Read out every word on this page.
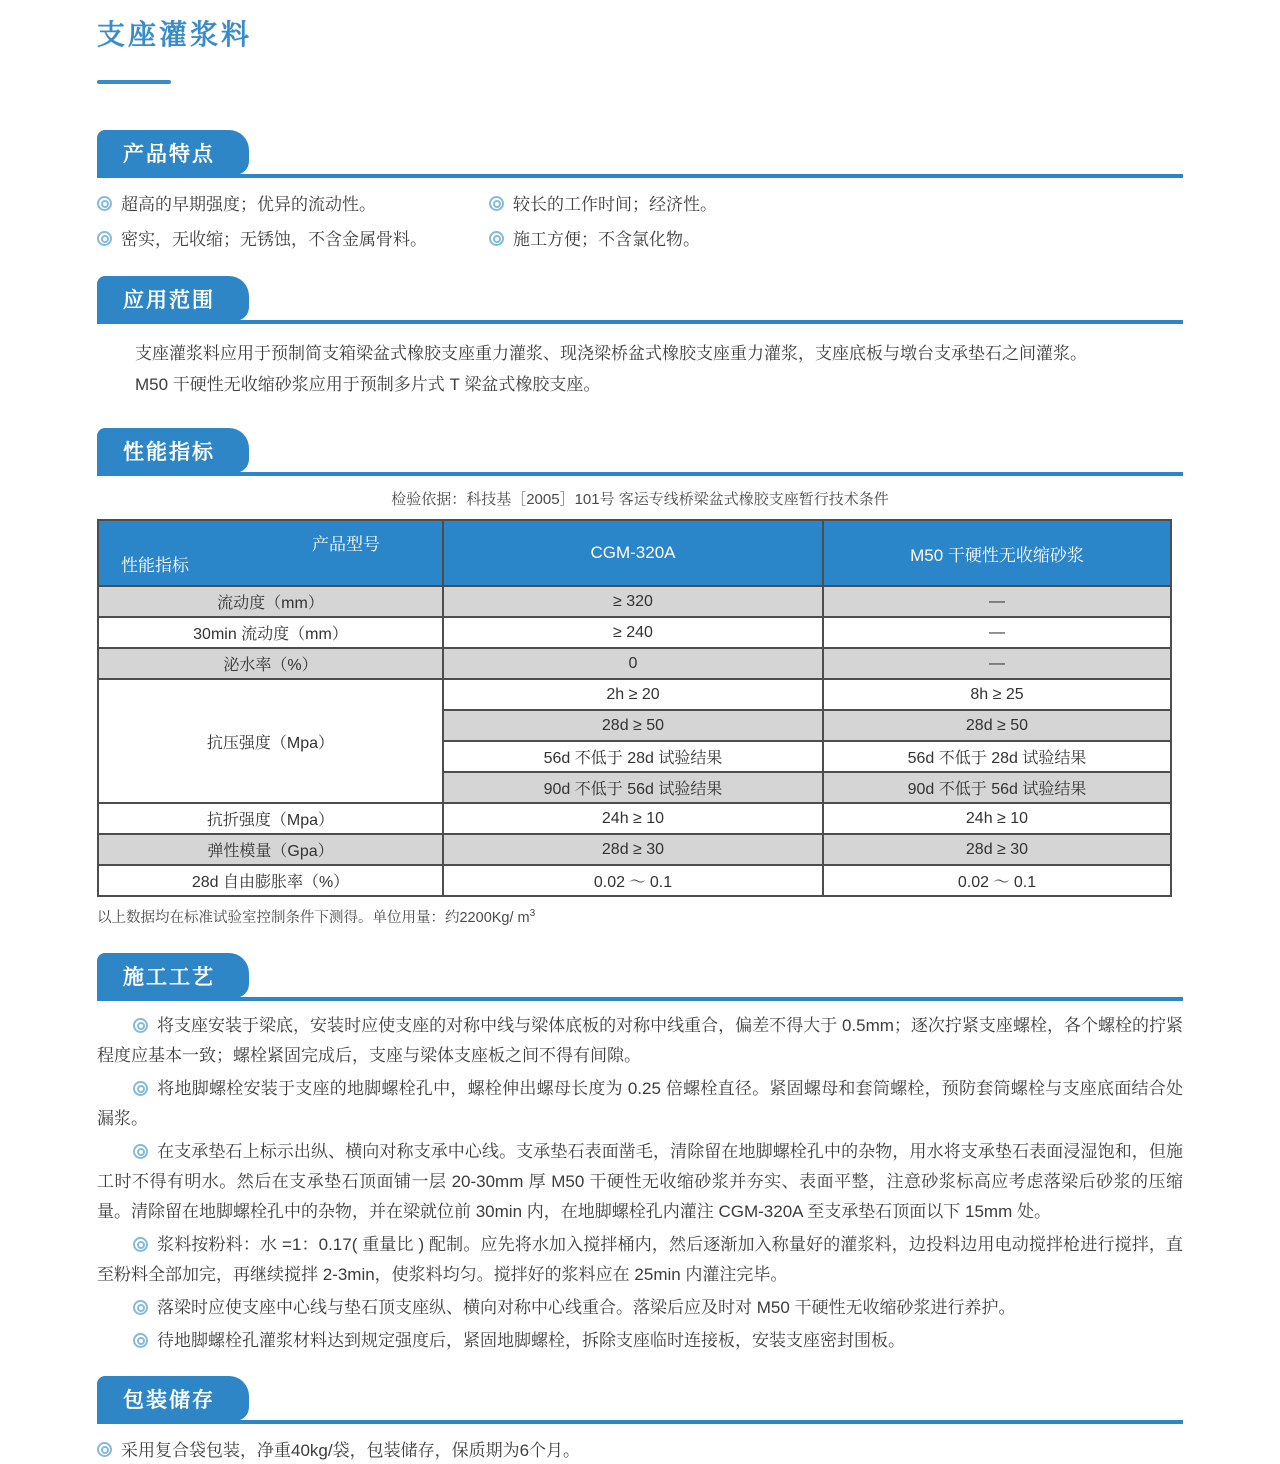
支座灌浆料
产品特点
超高的早期强度；优异的流动性。	较长的工作时间；经济性。
密实，无收缩；无锈蚀，不含金属骨料。	施工方便；不含氯化物。
应用范围
支座灌浆料应用于预制简支箱梁盆式橡胶支座重力灌浆、现浇梁桥盆式橡胶支座重力灌浆，支座底板与墩台支承垫石之间灌浆。
M50 干硬性无收缩砂浆应用于预制多片式 T 梁盆式橡胶支座。
性能指标
检验依据：科技基［2005］101号 客运专线桥梁盆式橡胶支座暂行技术条件
产品型号
性能指标	CGM-320A	M50 干硬性无收缩砂浆
流动度（mm）	≥ 320	—
30min 流动度（mm）	≥ 240	—
泌水率（%）	0	—
抗压强度（Mpa）	2h ≥ 20	8h ≥ 25
	28d ≥ 50	28d ≥ 50
	56d 不低于 28d 试验结果	56d 不低于 28d 试验结果
	90d 不低于 56d 试验结果	90d 不低于 56d 试验结果
抗折强度（Mpa）	24h ≥ 10	24h ≥ 10
弹性模量（Gpa）	28d ≥ 30	28d ≥ 30
28d 自由膨胀率（%）	0.02 ～ 0.1	0.02 ～ 0.1
以上数据均在标准试验室控制条件下测得。单位用量：约2200Kg/ $m^3$
施工工艺

将支座安装于梁底，安装时应使支座的对称中线与梁体底板的对称中线重合，偏差不得大于 0.5mm；逐次拧紧支座螺栓，各个螺栓的拧紧程度应基本一致；螺栓紧固完成后，支座与梁体支座板之间不得有间隙。

将地脚螺栓安装于支座的地脚螺栓孔中，螺栓伸出螺母长度为 0.25 倍螺栓直径。紧固螺母和套筒螺栓，预防套筒螺栓与支座底面结合处漏浆。

在支承垫石上标示出纵、横向对称支承中心线。支承垫石表面凿毛，清除留在地脚螺栓孔中的杂物，用水将支承垫石表面浸湿饱和，但施工时不得有明水。然后在支承垫石顶面铺一层 20-30mm 厚 M50 干硬性无收缩砂浆并夯实、表面平整，注意砂浆标高应考虑落梁后砂浆的压缩量。清除留在地脚螺栓孔中的杂物，并在梁就位前 30min 内，在地脚螺栓孔内灌注 CGM-320A 至支承垫石顶面以下 15mm 处。

浆料按粉料：水 =1：0.17( 重量比 ) 配制。应先将水加入搅拌桶内，然后逐渐加入称量好的灌浆料，边投料边用电动搅拌枪进行搅拌，直至粉料全部加完，再继续搅拌 2-3min，使浆料均匀。搅拌好的浆料应在 25min 内灌注完毕。

落梁时应使支座中心线与垫石顶支座纵、横向对称中心线重合。落梁后应及时对 M50 干硬性无收缩砂浆进行养护。

待地脚螺栓孔灌浆材料达到规定强度后，紧固地脚螺栓，拆除支座临时连接板，安装支座密封围板。

包装储存
采用复合袋包装，净重40kg/袋，包装储存，保质期为6个月。
